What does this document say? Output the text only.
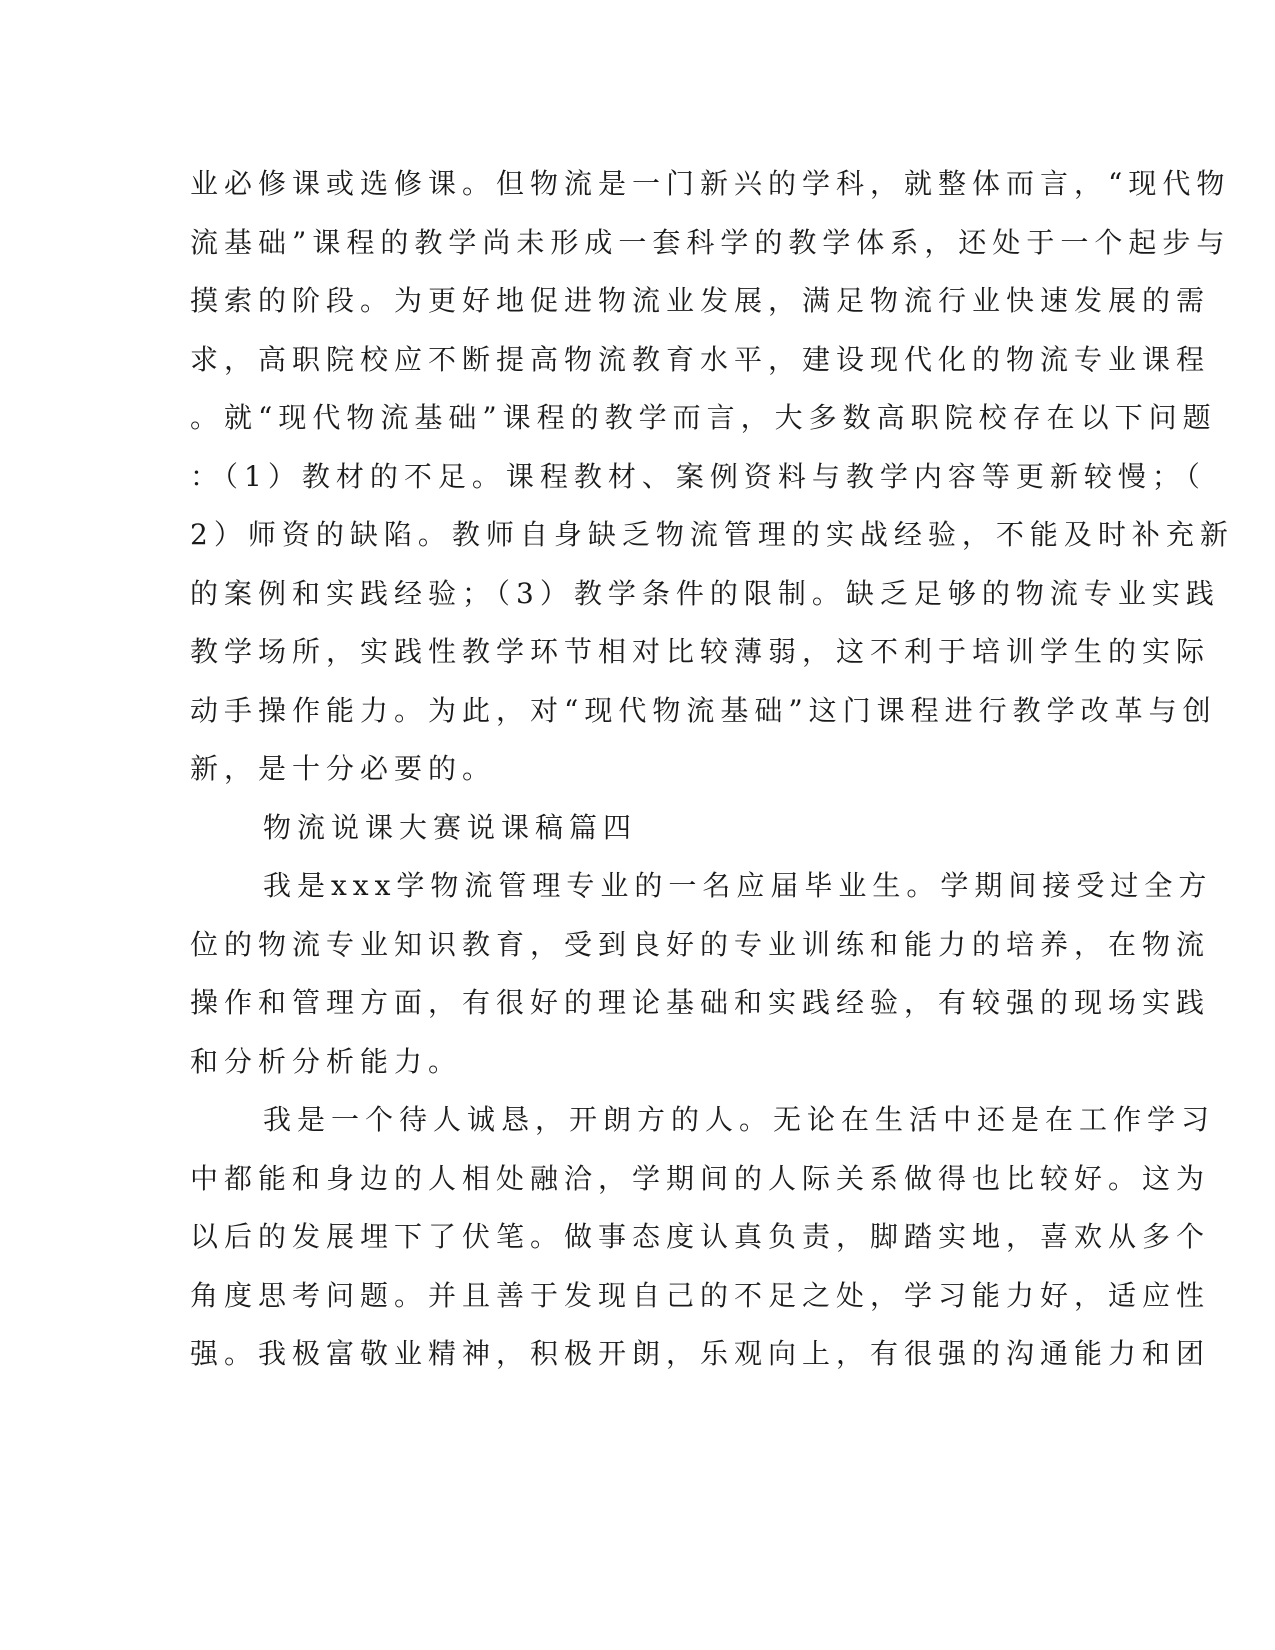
业必修课或选修课。但物流是一门新兴的学科，就整体而言，“现代物
流基础”课程的教学尚未形成一套科学的教学体系，还处于一个起步与
摸索的阶段。为更好地促进物流业发展，满足物流行业快速发展的需
求，高职院校应不断提高物流教育水平，建设现代化的物流专业课程
。就“现代物流基础”课程的教学而言，大多数高职院校存在以下问题
：（1）教材的不足。课程教材、案例资料与教学内容等更新较慢；（
2）师资的缺陷。教师自身缺乏物流管理的实战经验，不能及时补充新
的案例和实践经验；（3）教学条件的限制。缺乏足够的物流专业实践
教学场所，实践性教学环节相对比较薄弱，这不利于培训学生的实际
动手操作能力。为此，对“现代物流基础”这门课程进行教学改革与创
新，是十分必要的。
物流说课大赛说课稿篇四
我是xxx学物流管理专业的一名应届毕业生。学期间接受过全方
位的物流专业知识教育，受到良好的专业训练和能力的培养，在物流
操作和管理方面，有很好的理论基础和实践经验，有较强的现场实践
和分析分析能力。
我是一个待人诚恳，开朗方的人。无论在生活中还是在工作学习
中都能和身边的人相处融洽，学期间的人际关系做得也比较好。这为
以后的发展埋下了伏笔。做事态度认真负责，脚踏实地，喜欢从多个
角度思考问题。并且善于发现自己的不足之处，学习能力好，适应性
强。我极富敬业精神，积极开朗，乐观向上，有很强的沟通能力和团
